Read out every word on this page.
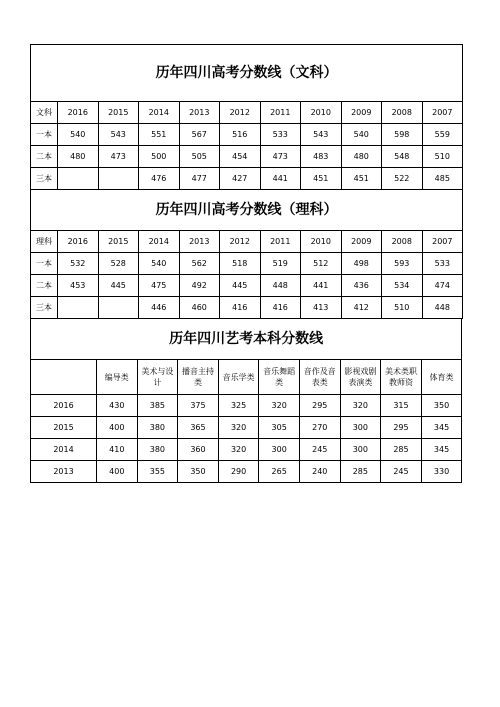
历年四川高考分数线（文科）										
文科	2016	2015	2014	2013	2012	2011	2010	2009	2008	2007
一本	540	543	551	567	516	533	543	540	598	559
二本	480	473	500	505	454	473	483	480	548	510
三本			476	477	427	441	451	451	522	485
历年四川高考分数线（理科）										
理科	2016	2015	2014	2013	2012	2011	2010	2009	2008	2007
一本	532	528	540	562	518	519	512	498	593	533
二本	453	445	475	492	445	448	441	436	534	474
三本			446	460	416	416	413	412	510	448
历年四川艺考本科分数线									
	编导类	美术与设计	播音主持类	音乐学类	音乐舞蹈类	音作及音表类	影视戏剧表演类	美术类职教师资	体育类
2016	430	385	375	325	320	295	320	315	350
2015	400	380	365	320	305	270	300	295	345
2014	410	380	360	320	300	245	300	285	345
2013	400	355	350	290	265	240	285	245	330
